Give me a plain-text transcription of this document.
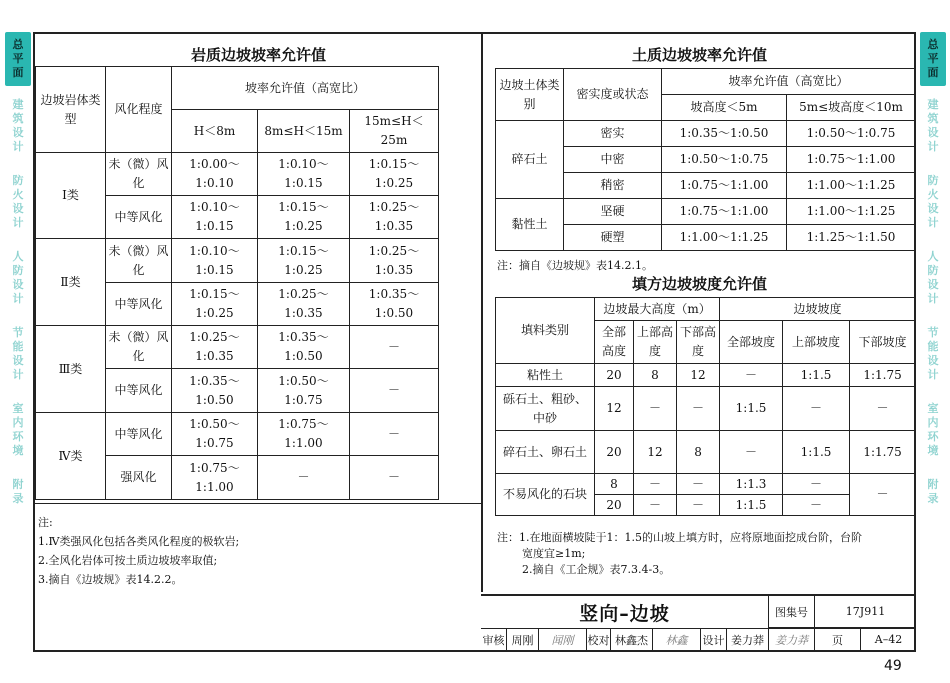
总
平
面
建
筑
设
计
防
火
设
计
人
防
设
计
节
能
设
计
室
内
环
境
附
录
总
平
面
建
筑
设
计
防
火
设
计
人
防
设
计
节
能
设
计
室
内
环
境
附
录
岩质边坡坡率允许值
边坡岩体类型	风化程度	坡率允许值（高宽比）		
		H＜8m	8m≤H＜15m	15m≤H＜25m
Ⅰ类	未（微）风化	1:0.00～1:0.10	1:0.10～1:0.15	1:0.15～1:0.25
	中等风化	1:0.10～1:0.15	1:0.15～1:0.25	1:0.25～1:0.35
Ⅱ类	未（微）风化	1:0.10～1:0.15	1:0.15～1:0.25	1:0.25～1:0.35
	中等风化	1:0.15～1:0.25	1:0.25～1:0.35	1:0.35～1:0.50
Ⅲ类	未（微）风化	1:0.25～1:0.35	1:0.35～1:0.50	－
	中等风化	1:0.35～1:0.50	1:0.50～1:0.75	－
Ⅳ类	中等风化	1:0.50～1:0.75	1:0.75～1:1.00	－
	强风化	1:0.75～1:1.00	－	－

注:

1.Ⅳ类强风化包括各类风化程度的极软岩;

2.全风化岩体可按土质边坡坡率取值;

3.摘自《边坡规》表14.2.2。

土质边坡坡率允许值
边坡土体类别	密实度或状态	坡率允许值（高宽比）	
		坡高度＜5m	5m≤坡高度＜10m
碎石土	密实	1:0.35～1:0.50	1:0.50～1:0.75
	中密	1:0.50～1:0.75	1:0.75～1:1.00
	稍密	1:0.75～1:1.00	1:1.00～1:1.25
黏性土	坚硬	1:0.75～1:1.00	1:1.00～1:1.25
	硬塑	1:1.00～1:1.25	1:1.25～1:1.50
注：摘自《边坡规》表14.2.1。
填方边坡坡度允许值
填料类别	边坡最大高度（m）			边坡坡度		
	全部高度	上部高度	下部高度	全部坡度	上部坡度	下部坡度
粘性土	20	8	12	－	1:1.5	1:1.75
砾石土、粗砂、中砂	12	－	－	1:1.5	－	－
碎石土、卵石土	20	12	8	－	1:1.5	1:1.75
不易风化的石块	8	－	－	1:1.3	－	－
	20	－	－	1:1.5	－	

注：1.在地面横坡陡于1：1.5的山坡上填方时，应将原地面挖成台阶，台阶

宽度宜≥1m;

2.摘自《工企规》表7.3.4-3。

竖向–边坡	图集号	17J911
审核 周刚	闻刚	校对 林鑫杰	林鑫	设计 姜力莽	姜力莽	页	A–42
49
